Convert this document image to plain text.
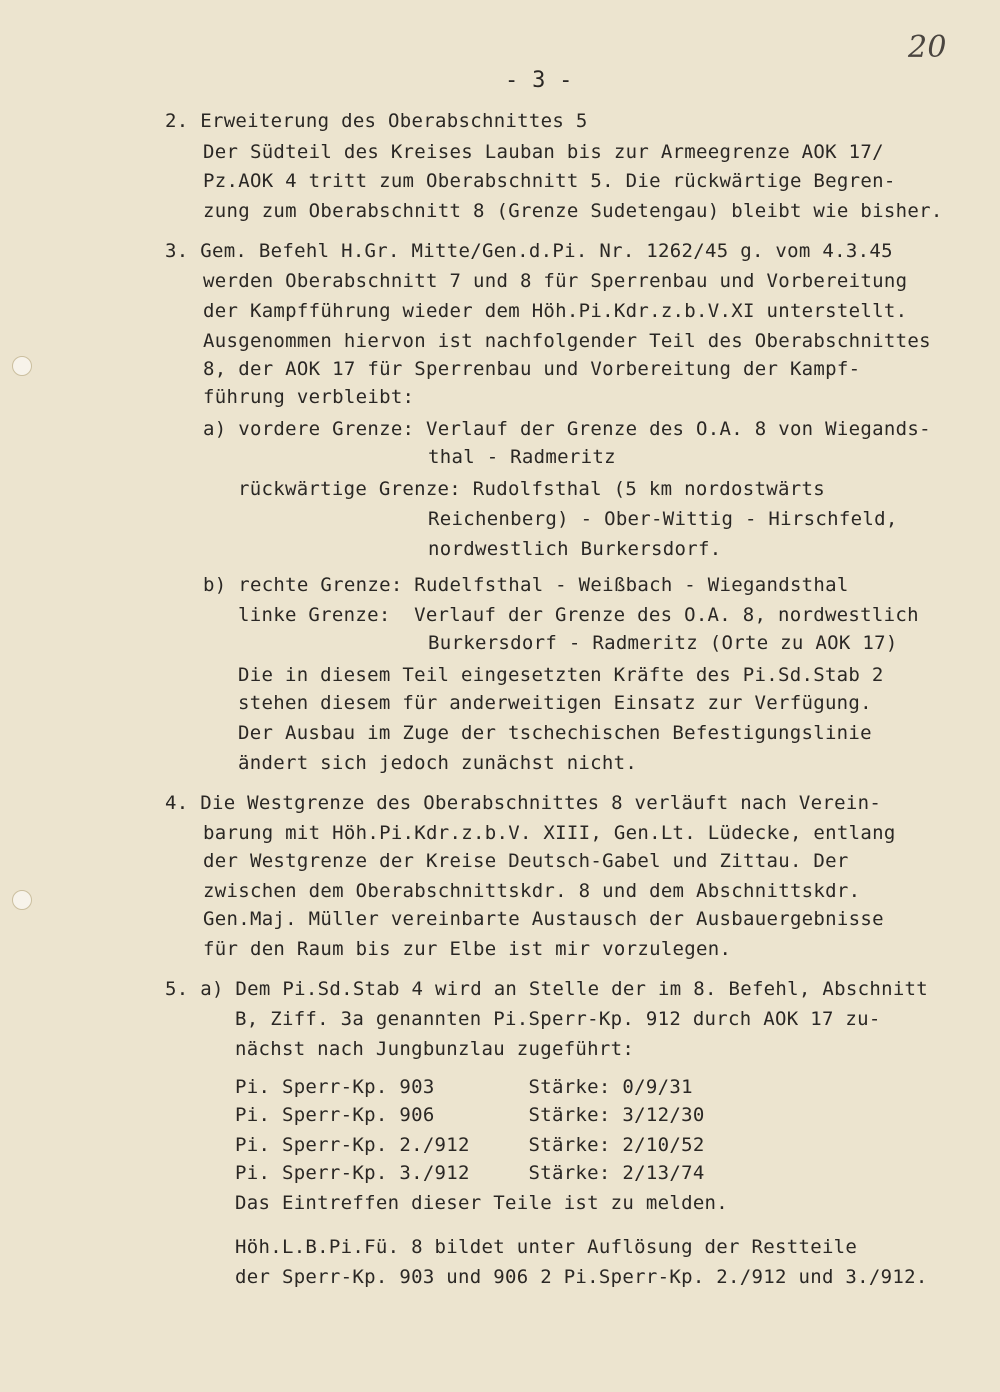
20
- 3 -
2. Erweiterung des Oberabschnittes 5
Der Südteil des Kreises Lauban bis zur Armeegrenze AOK 17/
Pz.AOK 4 tritt zum Oberabschnitt 5. Die rückwärtige Begren-
zung zum Oberabschnitt 8 (Grenze Sudetengau) bleibt wie bisher.
3. Gem. Befehl H.Gr. Mitte/Gen.d.Pi. Nr. 1262/45 g. vom 4.3.45
werden Oberabschnitt 7 und 8 für Sperrenbau und Vorbereitung
der Kampfführung wieder dem Höh.Pi.Kdr.z.b.V.XI unterstellt.
Ausgenommen hiervon ist nachfolgender Teil des Oberabschnittes
8, der AOK 17 für Sperrenbau und Vorbereitung der Kampf-
führung verbleibt:
a) vordere Grenze: Verlauf der Grenze des O.A. 8 von Wiegands-
thal - Radmeritz
rückwärtige Grenze: Rudolfsthal (5 km nordostwärts
Reichenberg) - Ober-Wittig - Hirschfeld,
nordwestlich Burkersdorf.
b) rechte Grenze: Rudelfsthal - Weißbach - Wiegandsthal
linke Grenze:  Verlauf der Grenze des O.A. 8, nordwestlich
Burkersdorf - Radmeritz (Orte zu AOK 17)
Die in diesem Teil eingesetzten Kräfte des Pi.Sd.Stab 2
stehen diesem für anderweitigen Einsatz zur Verfügung.
Der Ausbau im Zuge der tschechischen Befestigungslinie
ändert sich jedoch zunächst nicht.
4. Die Westgrenze des Oberabschnittes 8 verläuft nach Verein-
barung mit Höh.Pi.Kdr.z.b.V. XIII, Gen.Lt. Lüdecke, entlang
der Westgrenze der Kreise Deutsch-Gabel und Zittau. Der
zwischen dem Oberabschnittskdr. 8 und dem Abschnittskdr.
Gen.Maj. Müller vereinbarte Austausch der Ausbauergebnisse
für den Raum bis zur Elbe ist mir vorzulegen.
5. a) Dem Pi.Sd.Stab 4 wird an Stelle der im 8. Befehl, Abschnitt
B, Ziff. 3a genannten Pi.Sperr-Kp. 912 durch AOK 17 zu-
nächst nach Jungbunzlau zugeführt:
Pi. Sperr-Kp. 903        Stärke: 0/9/31
Pi. Sperr-Kp. 906        Stärke: 3/12/30
Pi. Sperr-Kp. 2./912     Stärke: 2/10/52
Pi. Sperr-Kp. 3./912     Stärke: 2/13/74
Das Eintreffen dieser Teile ist zu melden.
Höh.L.B.Pi.Fü. 8 bildet unter Auflösung der Restteile
der Sperr-Kp. 903 und 906 2 Pi.Sperr-Kp. 2./912 und 3./912.
